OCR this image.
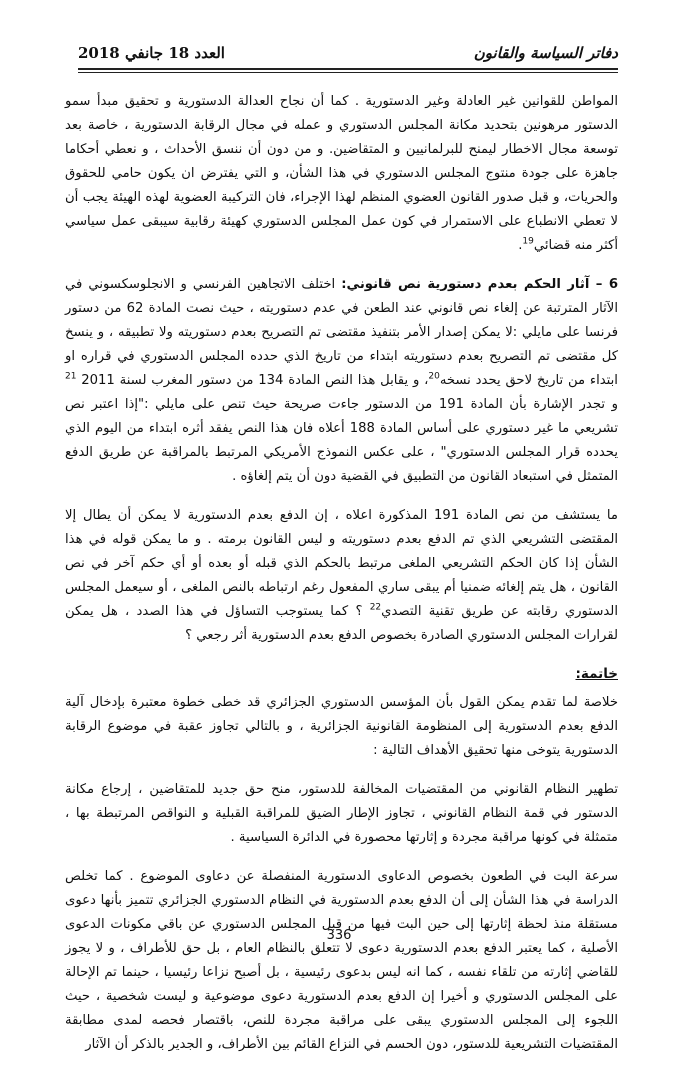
دفاتر السياسة والقانون
العدد 18 جانفي 2018

المواطن للقوانين غير العادلة وغير الدستورية . كما أن نجاح العدالة الدستورية و تحقيق مبدأ سمو الدستور مرهونين بتحديد مكانة المجلس الدستوري و عمله في مجال الرقابة الدستورية ، خاصة بعد توسعة مجال الاخطار ليمنح للبرلمانيين و المتقاضين. و من دون أن ننسق الأحداث ، و نعطي أحكاما جاهزة على جودة منتوج المجلس الدستوري في هذا الشأن، و التي يفترض ان يكون حامي للحقوق والحريات، و قبل صدور القانون العضوي المنظم لهذا الإجراء، فان التركيبة العضوية لهذه الهيئة يجب أن لا تعطي الانطباع على الاستمرار في كون عمل المجلس الدستوري كهيئة رقابية سيبقى عمل سياسي أكثر منه قضائي$^{19}$.

6 – آثار الحكم بعدم دستورية نص قانوني: اختلف الاتجاهين الفرنسي و الانجلوسكسوني في الآثار المترتبة عن إلغاء نص قانوني عند الطعن في عدم دستوريته ، حيث نصت المادة 62 من دستور فرنسا على مايلي :لا يمكن إصدار الأمر بتنفيذ مقتضى تم التصريح بعدم دستوريته ولا تطبيقه ، و ينسخ كل مقتضى تم التصريح بعدم دستوريته ابتداء من تاريخ الذي حدده المجلس الدستوري في قراره او ابتداء من تاريخ لاحق يحدد نسخه$^{20}$، و يقابل هذا النص المادة 134 من دستور المغرب لسنة 2011 $^{21}$ و تجدر الإشارة بأن المادة 191 من الدستور جاءت صريحة حيث تنص على مايلي :"إذا اعتبر نص تشريعي ما غير دستوري على أساس المادة 188 أعلاه فان هذا النص يفقد أثره ابتداء من اليوم الذي يحدده قرار المجلس الدستوري" ، على عكس النموذج الأمريكي المرتبط بالمراقبة عن طريق الدفع المتمثل في استبعاد القانون من التطبيق في القضية دون أن يتم إلغاؤه .

ما يستشف من نص المادة 191 المذكورة اعلاه ، إن الدفع بعدم الدستورية لا يمكن أن يطال إلا المقتضى التشريعي الذي تم الدفع بعدم دستوريته و ليس القانون برمته . و ما يمكن قوله في هذا الشأن إذا كان الحكم التشريعي الملغى مرتبط بالحكم الذي قبله أو بعده أو أي حكم آخر في نص القانون ، هل يتم إلغائه ضمنيا أم يبقى ساري المفعول رغم ارتباطه بالنص الملغى ، أو سيعمل المجلس الدستوري رقابته عن طريق تقنية التصدي$^{22}$ ؟ كما يستوجب التساؤل في هذا الصدد ، هل يمكن لقرارات المجلس الدستوري الصادرة بخصوص الدفع بعدم الدستورية أثر رجعي ؟

خاتمة:

خلاصة لما تقدم يمكن القول بأن المؤسس الدستوري الجزائري قد خطى خطوة معتبرة بإدخال آلية الدفع بعدم الدستورية إلى المنظومة القانونية الجزائرية ، و بالتالي تجاوز عقبة في موضوع الرقابة الدستورية يتوخى منها تحقيق الأهداف التالية :

تطهير النظام القانوني من المقتضيات المخالفة للدستور، منح حق جديد للمتقاضين ، إرجاع مكانة الدستور في قمة النظام القانوني ، تجاوز الإطار الضيق للمراقبة القبلية و النواقص المرتبطة بها ، متمثلة في كونها مراقبة مجردة و إثارتها محصورة في الدائرة السياسية .

سرعة البت في الطعون بخصوص الدعاوى الدستورية المنفصلة عن دعاوى الموضوع . كما تخلص الدراسة في هذا الشأن إلى أن الدفع بعدم الدستورية في النظام الدستوري الجزائري تتميز بأنها دعوى مستقلة منذ لحظة إثارتها إلى حين البت فيها من قبل المجلس الدستوري عن باقي مكونات الدعوى الأصلية ، كما يعتبر الدفع بعدم الدستورية دعوى لا تتعلق بالنظام العام ، بل حق للأطراف ، و لا يجوز للقاضي إثارته من تلقاء نفسه ، كما انه ليس بدعوى رئيسية ، بل أصبح نزاعا رئيسيا ، حينما تم الإحالة على المجلس الدستوري و أخيرا إن الدفع بعدم الدستورية دعوى موضوعية و ليست شخصية ، حيث اللجوء إلى المجلس الدستوري يبقى على مراقبة مجردة للنص، باقتصار فحصه لمدى مطابقة المقتضيات التشريعية للدستور، دون الحسم في النزاع القائم بين الأطراف، و الجدير بالذكر أن الآثار

336
